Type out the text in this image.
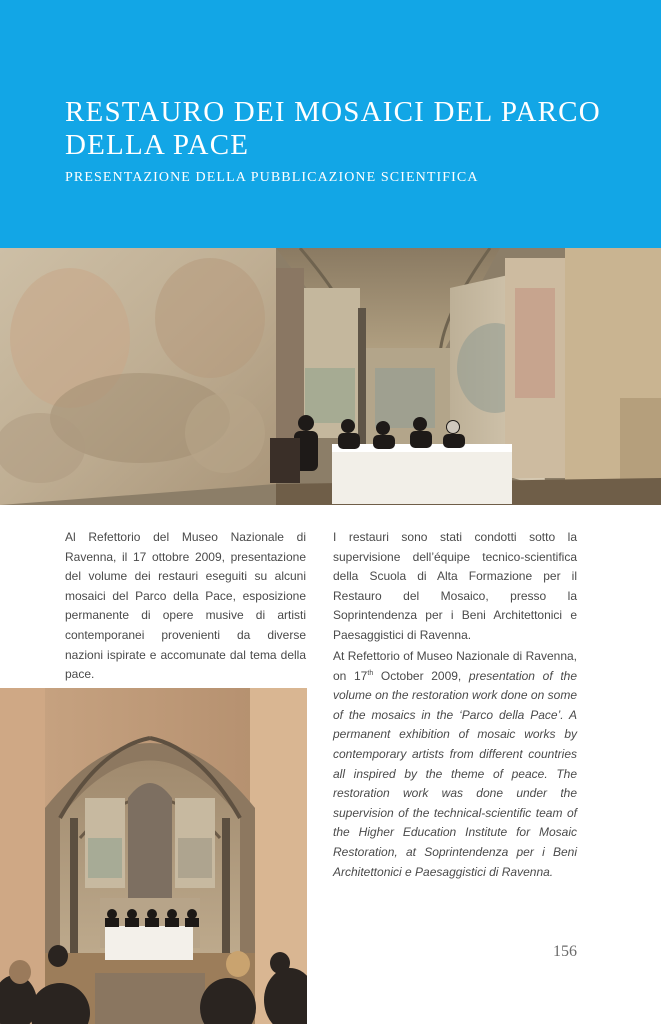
RESTAURO DEI MOSAICI DEL PARCO DELLA PACE
PRESENTAZIONE DELLA PUBBLICAZIONE SCIENTIFICA

Al Refettorio del Museo Nazionale di Ravenna, il 17 ottobre 2009, presentazione del volume dei restauri eseguiti su alcuni mosaici del Parco della Pace, esposizione permanente di opere musive di artisti contemporanei provenienti da diverse nazioni ispirate e accomunate dal tema della pace.

I restauri sono stati condotti sotto la supervisione dell’équipe tecnico-scientifica della Scuola di Alta Formazione per il Restauro del Mosaico, presso la Soprintendenza per i Beni Architettonici e Paesaggistici di Ravenna.

At Refettorio of Museo Nazionale di Ravenna, on 17th October 2009, presentation of the volume on the restoration work done on some of the mosaics in the ‘Parco della Pace’. A permanent exhibition of mosaic works by contemporary artists from different countries all inspired by the theme of peace. The restoration work was done under the supervision of the technical-scientific team of the Higher Education Institute for Mosaic Restoration, at Soprintendenza per i Beni Architettonici e Paesaggistici di Ravenna.

156
